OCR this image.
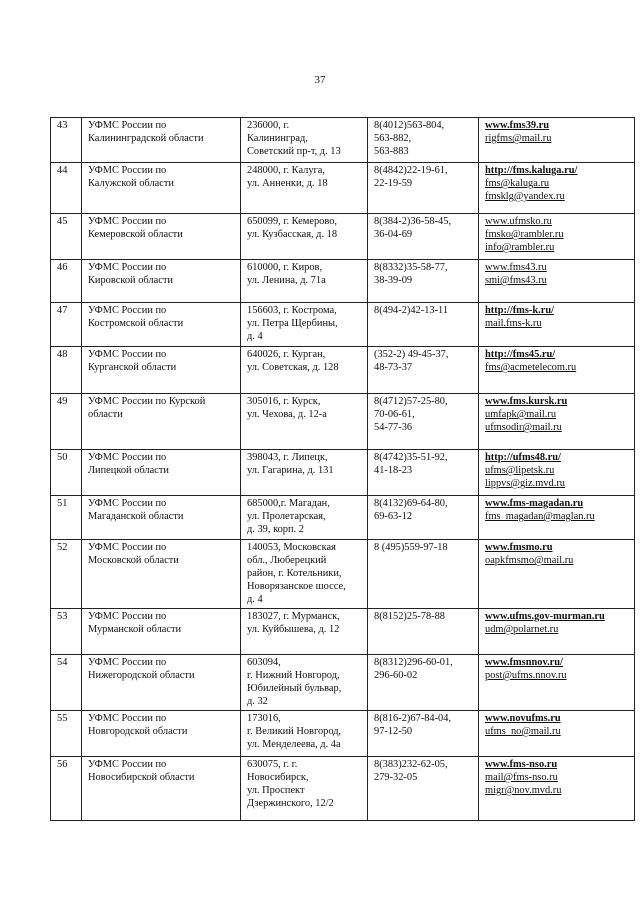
37
43	УФМС России по
Калининградской области	236000, г.
Калининград,
Советский пр-т, д. 13	8(4012)563-804,
563-882,
563-883	www.fms39.ru
rigfms@mail.ru

44	УФМС России по
Калужской области	248000, г. Калуга,
ул. Анненки, д. 18	8(4842)22-19-61,
22-19-59	http://fms.kaluga.ru/
fms@kaluga.ru
fmsklg@yandex.ru

45	УФМС России по
Кемеровской области	650099, г. Кемерово,
ул. Кузбасская, д. 18	8(384-2)36-58-45,
36-04-69	www.ufmsko.ru
fmsko@rambler.ru
info@rambler.ru

46	УФМС России по
Кировской области	610000, г. Киров,
ул. Ленина, д. 71а	8(8332)35-58-77,
38-39-09	www.fms43.ru
smi@fms43.ru

47	УФМС России по
Костромской области	156603, г. Кострома,
ул. Петра Щербины,
д. 4	8(494-2)42-13-11	http://fms-k.ru/
mail.fms-k.ru

48	УФМС России по
Курганской области	640026, г. Курган,
ул. Советская, д. 128	(352-2) 49-45-37,
48-73-37	http://fms45.ru/
fms@acmetelecom.ru

49	УФМС России по Курской
области	305016, г. Курск,
ул. Чехова, д. 12-а	8(4712)57-25-80,
70-06-61,
54-77-36	www.fms.kursk.ru
umfapk@mail.ru
ufmsodir@mail.ru

50	УФМС России по
Липецкой области	398043, г. Липецк,
ул. Гагарина, д. 131	8(4742)35-51-92,
41-18-23	http://ufms48.ru/
ufms@lipetsk.ru
lippvs@giz.mvd.ru

51	УФМС России по
Магаданской области	685000,г. Магадан,
ул. Пролетарская,
д. 39, корп. 2	8(4132)69-64-80,
69-63-12	www.fms-magadan.ru
fms_magadan@maglan.ru

52	УФМС России по
Московской области	140053, Московская
обл., Люберецкий
район, г. Котельники,
Новорязанское шоссе,
д. 4	8 (495)559-97-18	www.fmsmo.ru
oapkfmsmo@mail.ru

53	УФМС России по
Мурманской области	183027, г. Мурманск,
ул. Куйбышева, д. 12	8(8152)25-78-88	www.ufms.gov-murman.ru
udm@polarnet.ru

54	УФМС России по
Нижегородской области	603094,
г. Нижний Новгород,
Юбилейный бульвар,
д. 32	8(8312)296-60-01,
296-60-02	www.fmsnnov.ru/
post@ufms.nnov.ru

55	УФМС России по
Новгородской области	173016,
г. Великий Новгород,
ул. Менделеева, д. 4а	8(816-2)67-84-04,
97-12-50	www.novufms.ru
ufms_no@mail.ru

56	УФМС России по
Новосибирской области	630075, г. г.
Новосибирск,
ул. Проспект
Дзержинского, 12/2	8(383)232-62-05,
279-32-05	www.fms-nso.ru
mail@fms-nso.ru
migr@nov.mvd.ru
